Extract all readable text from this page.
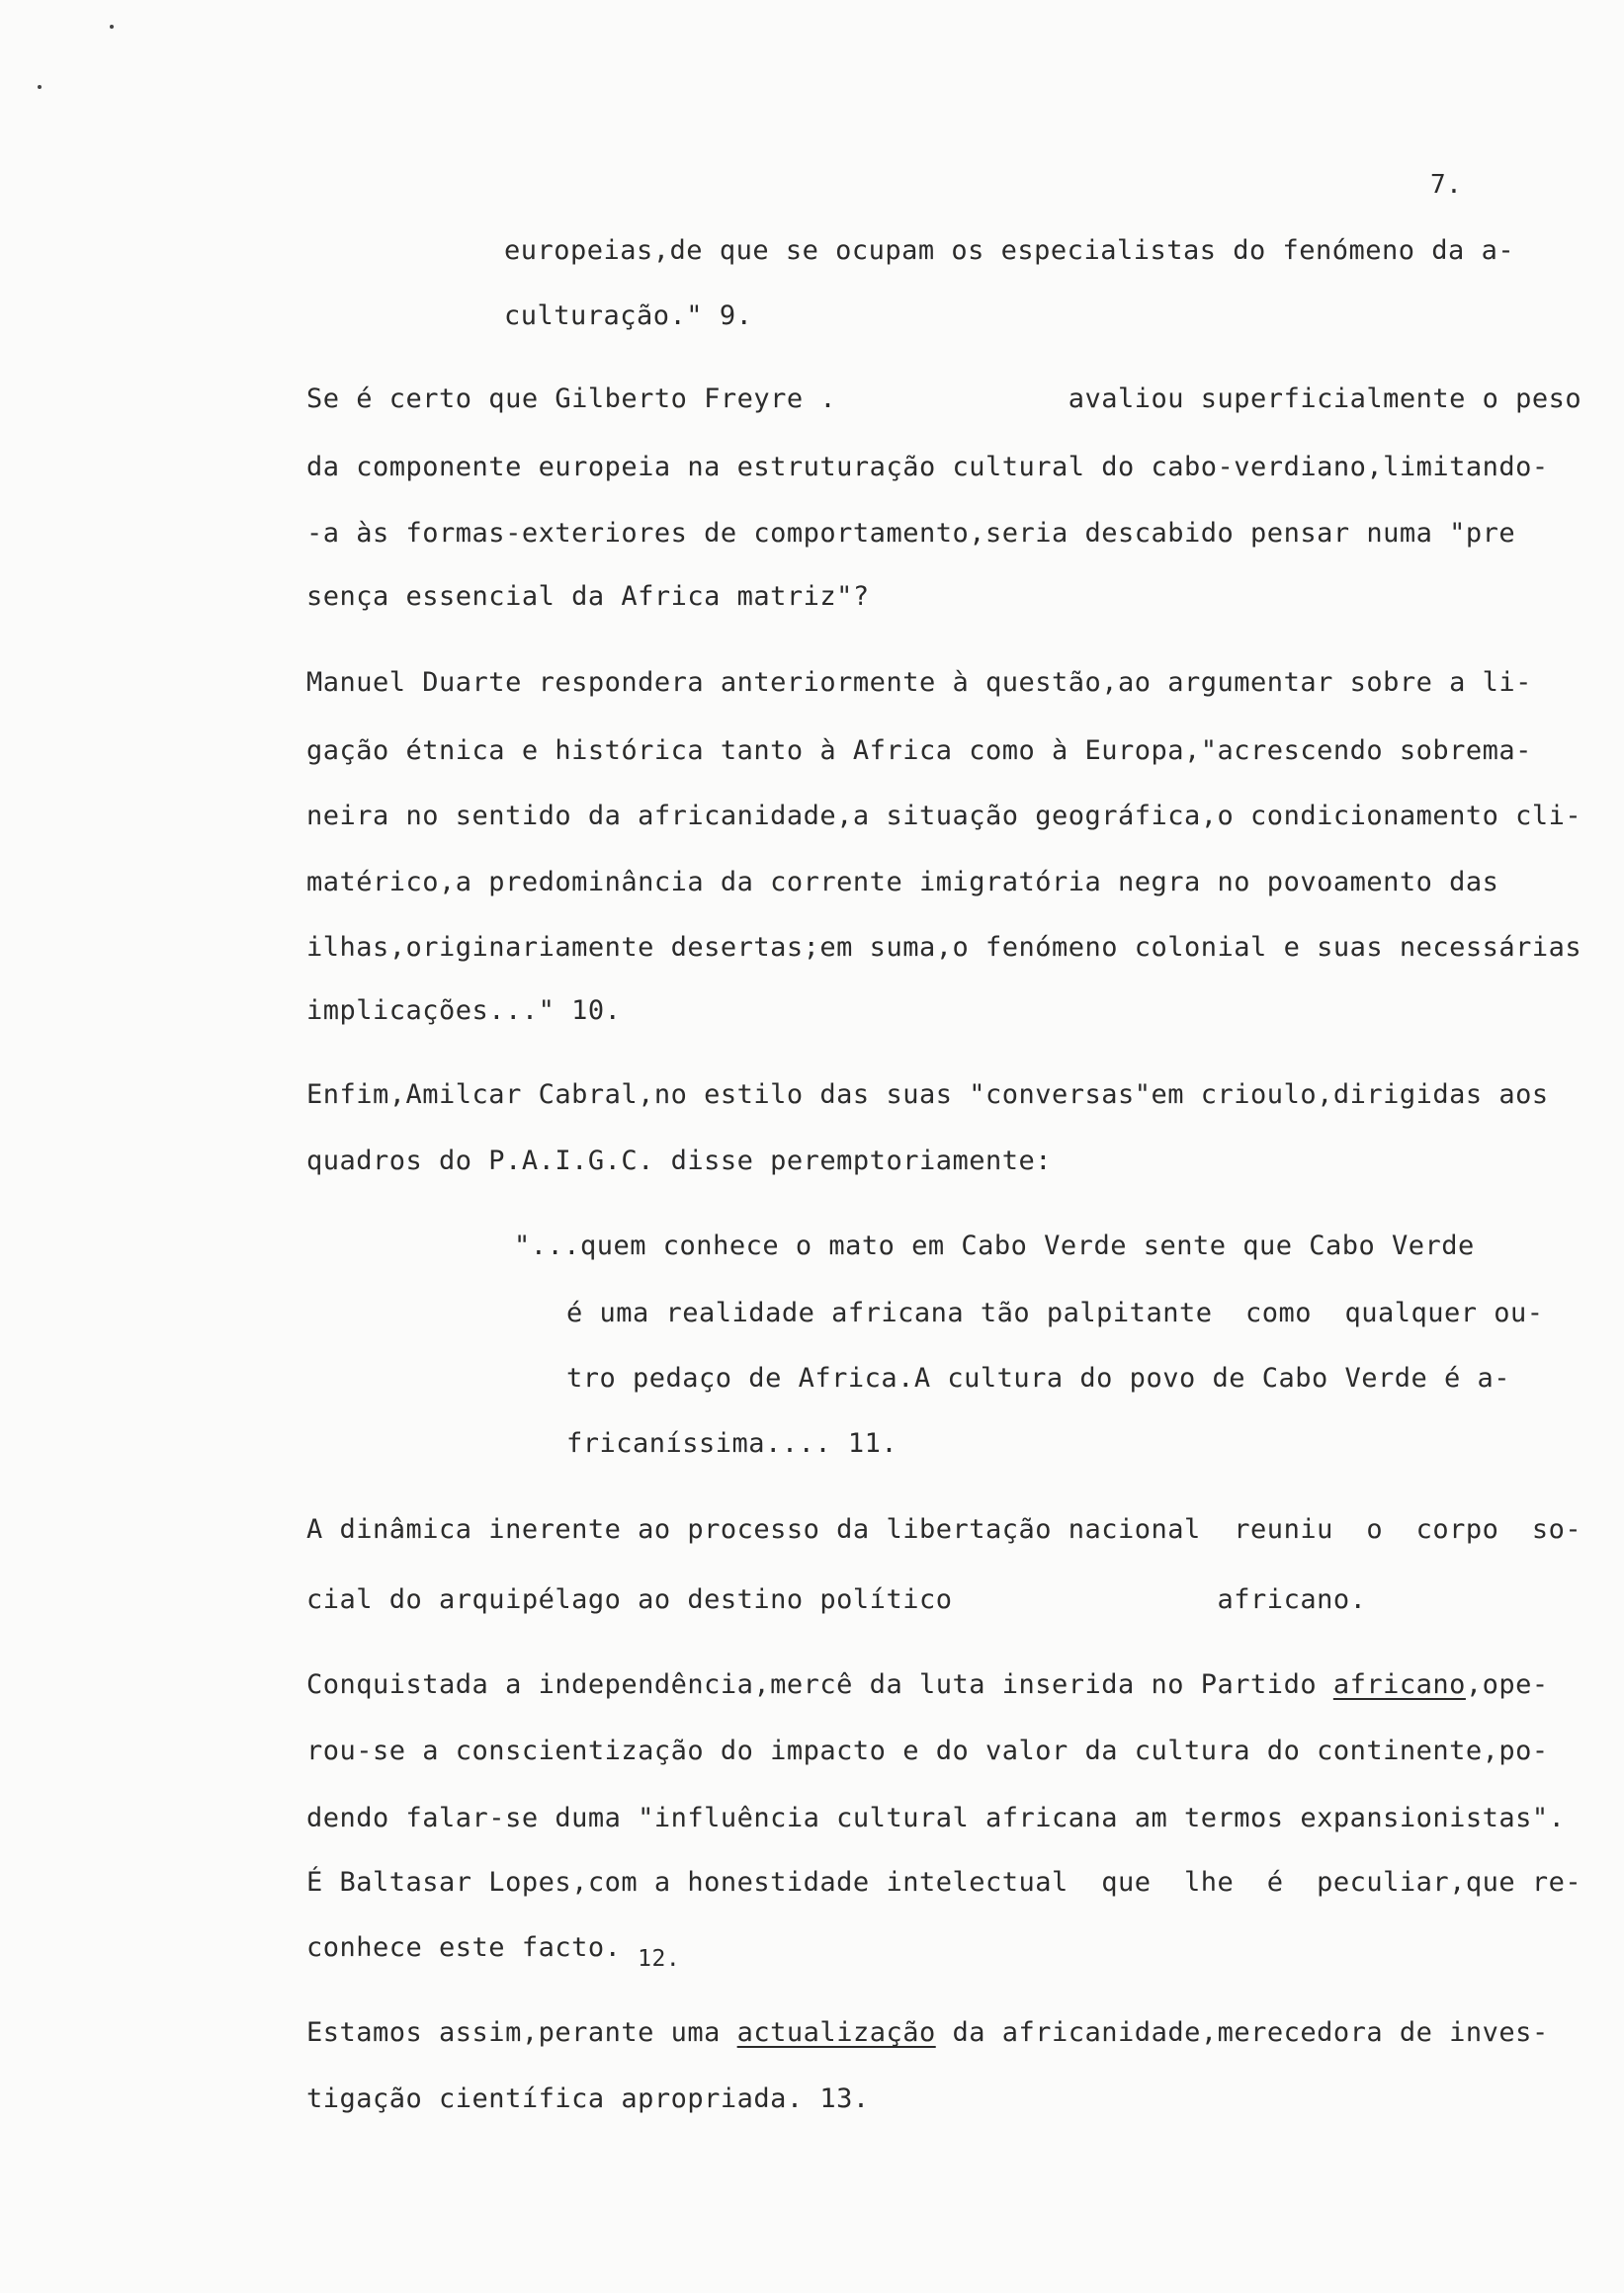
7.
europeias,de que se ocupam os especialistas do fenómeno da a-
culturação." 9.
Se é certo que Gilberto Freyre .              avaliou superficialmente o peso
da componente europeia na estruturação cultural do cabo-verdiano,limitando-
-a às formas-exteriores de comportamento,seria descabido pensar numa "pre
sença essencial da Africa matriz"?
Manuel Duarte respondera anteriormente à questão,ao argumentar sobre a li-
gação étnica e histórica tanto à Africa como à Europa,"acrescendo sobrema-
neira no sentido da africanidade,a situação geográfica,o condicionamento cli-
matérico,a predominância da corrente imigratória negra no povoamento das
ilhas,originariamente desertas;em suma,o fenómeno colonial e suas necessárias
implicações..." 10.
Enfim,Amilcar Cabral,no estilo das suas "conversas"em crioulo,dirigidas aos
quadros do P.A.I.G.C. disse peremptoriamente:
"...quem conhece o mato em Cabo Verde sente que Cabo Verde
é uma realidade africana tão palpitante  como  qualquer ou-
tro pedaço de Africa.A cultura do povo de Cabo Verde é a-
fricaníssima.... 11.
A dinâmica inerente ao processo da libertação nacional  reuniu  o  corpo  so-
cial do arquipélago ao destino político                africano.
Conquistada a independência,mercê da luta inserida no Partido africano,ope-
rou-se a conscientização do impacto e do valor da cultura do continente,po-
dendo falar-se duma "influência cultural africana am termos expansionistas".
É Baltasar Lopes,com a honestidade intelectual  que  lhe  é  peculiar,que re-
conhece este facto. 12.
Estamos assim,perante uma actualização da africanidade,merecedora de inves-
tigação científica apropriada. 13.
